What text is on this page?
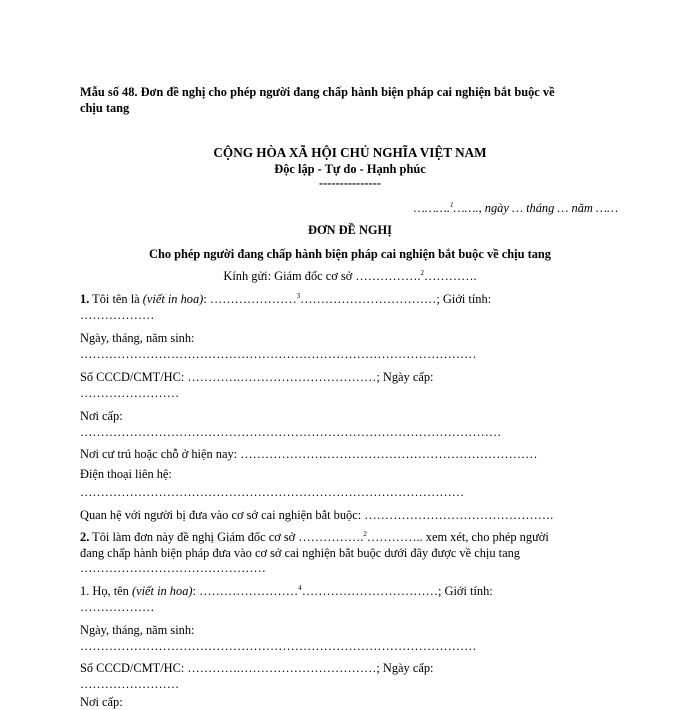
Mẫu số 48. Đơn đề nghị cho phép người đang chấp hành biện pháp cai nghiện bắt buộc về
chịu tang
CỘNG HÒA XÃ HỘI CHỦ NGHĨA VIỆT NAM
Độc lập - Tự do - Hạnh phúc
---------------
……….$^1$……., ngày … tháng … năm ……
ĐƠN ĐỀ NGHỊ
Cho phép người đang chấp hành biện pháp cai nghiện bắt buộc về chịu tang
Kính gửi: Giám đốc cơ sở …………….$^2$………….
1. Tôi tên là (viết in hoa): …………………$^3$……………………………; Giới tính:
………………
Ngày, tháng, năm sinh:
……………………………………………………………………………………
Số CCCD/CMT/HC: ………….……………………………; Ngày cấp:
……………………
Nơi cấp:
…………………………………………………………………………………………
Nơi cư trú hoặc chỗ ở hiện nay: ………………………………………………………………
Điện thoại liên hệ:
…………………………………………………………………………………
Quan hệ với người bị đưa vào cơ sở cai nghiện bắt buộc: ……………………………………….
2. Tôi làm đơn này đề nghị Giám đốc cơ sở …………….$^2$………….. xem xét, cho phép người
đang chấp hành biện pháp đưa vào cơ sở cai nghiện bắt buộc dưới đây được về chịu tang
………………………………………
1. Họ, tên (viết in hoa): ……………………$^4$……………………………; Giới tính:
………………
Ngày, tháng, năm sinh:
……………………………………………………………………………………
Số CCCD/CMT/HC: ………….……………………………; Ngày cấp:
……………………
Nơi cấp:
